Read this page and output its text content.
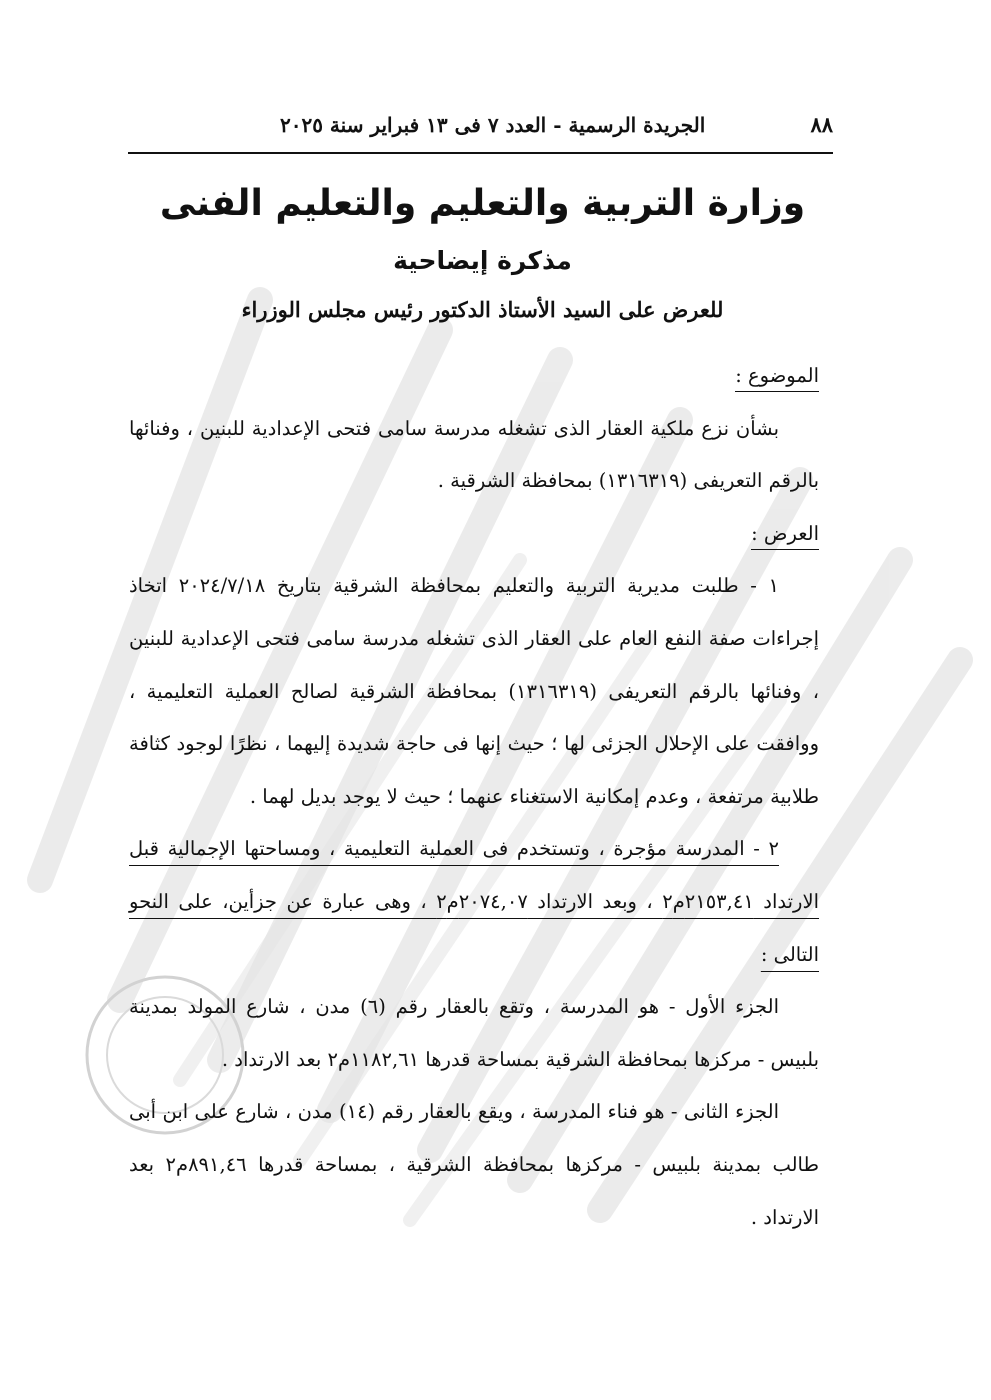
٨٨
الجريدة الرسمية - العدد ٧ فى ١٣ فبراير سنة ٢٠٢٥
وزارة التربية والتعليم والتعليم الفنى
مذكرة إيضاحية
للعرض على السيد الأستاذ الدكتور رئيس مجلس الوزراء

الموضوع :

بشأن نزع ملكية العقار الذى تشغله مدرسة سامى فتحى الإعدادية للبنين ، وفنائها بالرقم التعريفى (١٣١٦٣١٩) بمحافظة الشرقية .

العرض :

١ - طلبت مديرية التربية والتعليم بمحافظة الشرقية بتاريخ ٢٠٢٤/٧/١٨ اتخاذ إجراءات صفة النفع العام على العقار الذى تشغله مدرسة سامى فتحى الإعدادية للبنين ، وفنائها بالرقم التعريفى (١٣١٦٣١٩) بمحافظة الشرقية لصالح العملية التعليمية ، ووافقت على الإحلال الجزئى لها ؛ حيث إنها فى حاجة شديدة إليهما ، نظرًا لوجود كثافة طلابية مرتفعة ، وعدم إمكانية الاستغناء عنهما ؛ حيث لا يوجد بديل لهما .

٢ - المدرسة مؤجرة ، وتستخدم فى العملية التعليمية ، ومساحتها الإجمالية قبل الارتداد ٢١٥٣,٤١م٢ ، وبعد الارتداد ٢٠٧٤,٠٧م٢ ، وهى عبارة عن جزأين، على النحو التالى :

الجزء الأول - هو المدرسة ، وتقع بالعقار رقم (٦) مدن ، شارع المولد بمدينة بلبيس - مركزها بمحافظة الشرقية بمساحة قدرها ١١٨٢,٦١م٢ بعد الارتداد .

الجزء الثانى - هو فناء المدرسة ، ويقع بالعقار رقم (١٤) مدن ، شارع على ابن أبى طالب بمدينة بلبيس - مركزها بمحافظة الشرقية ، بمساحة قدرها ٨٩١,٤٦م٢ بعد الارتداد .
